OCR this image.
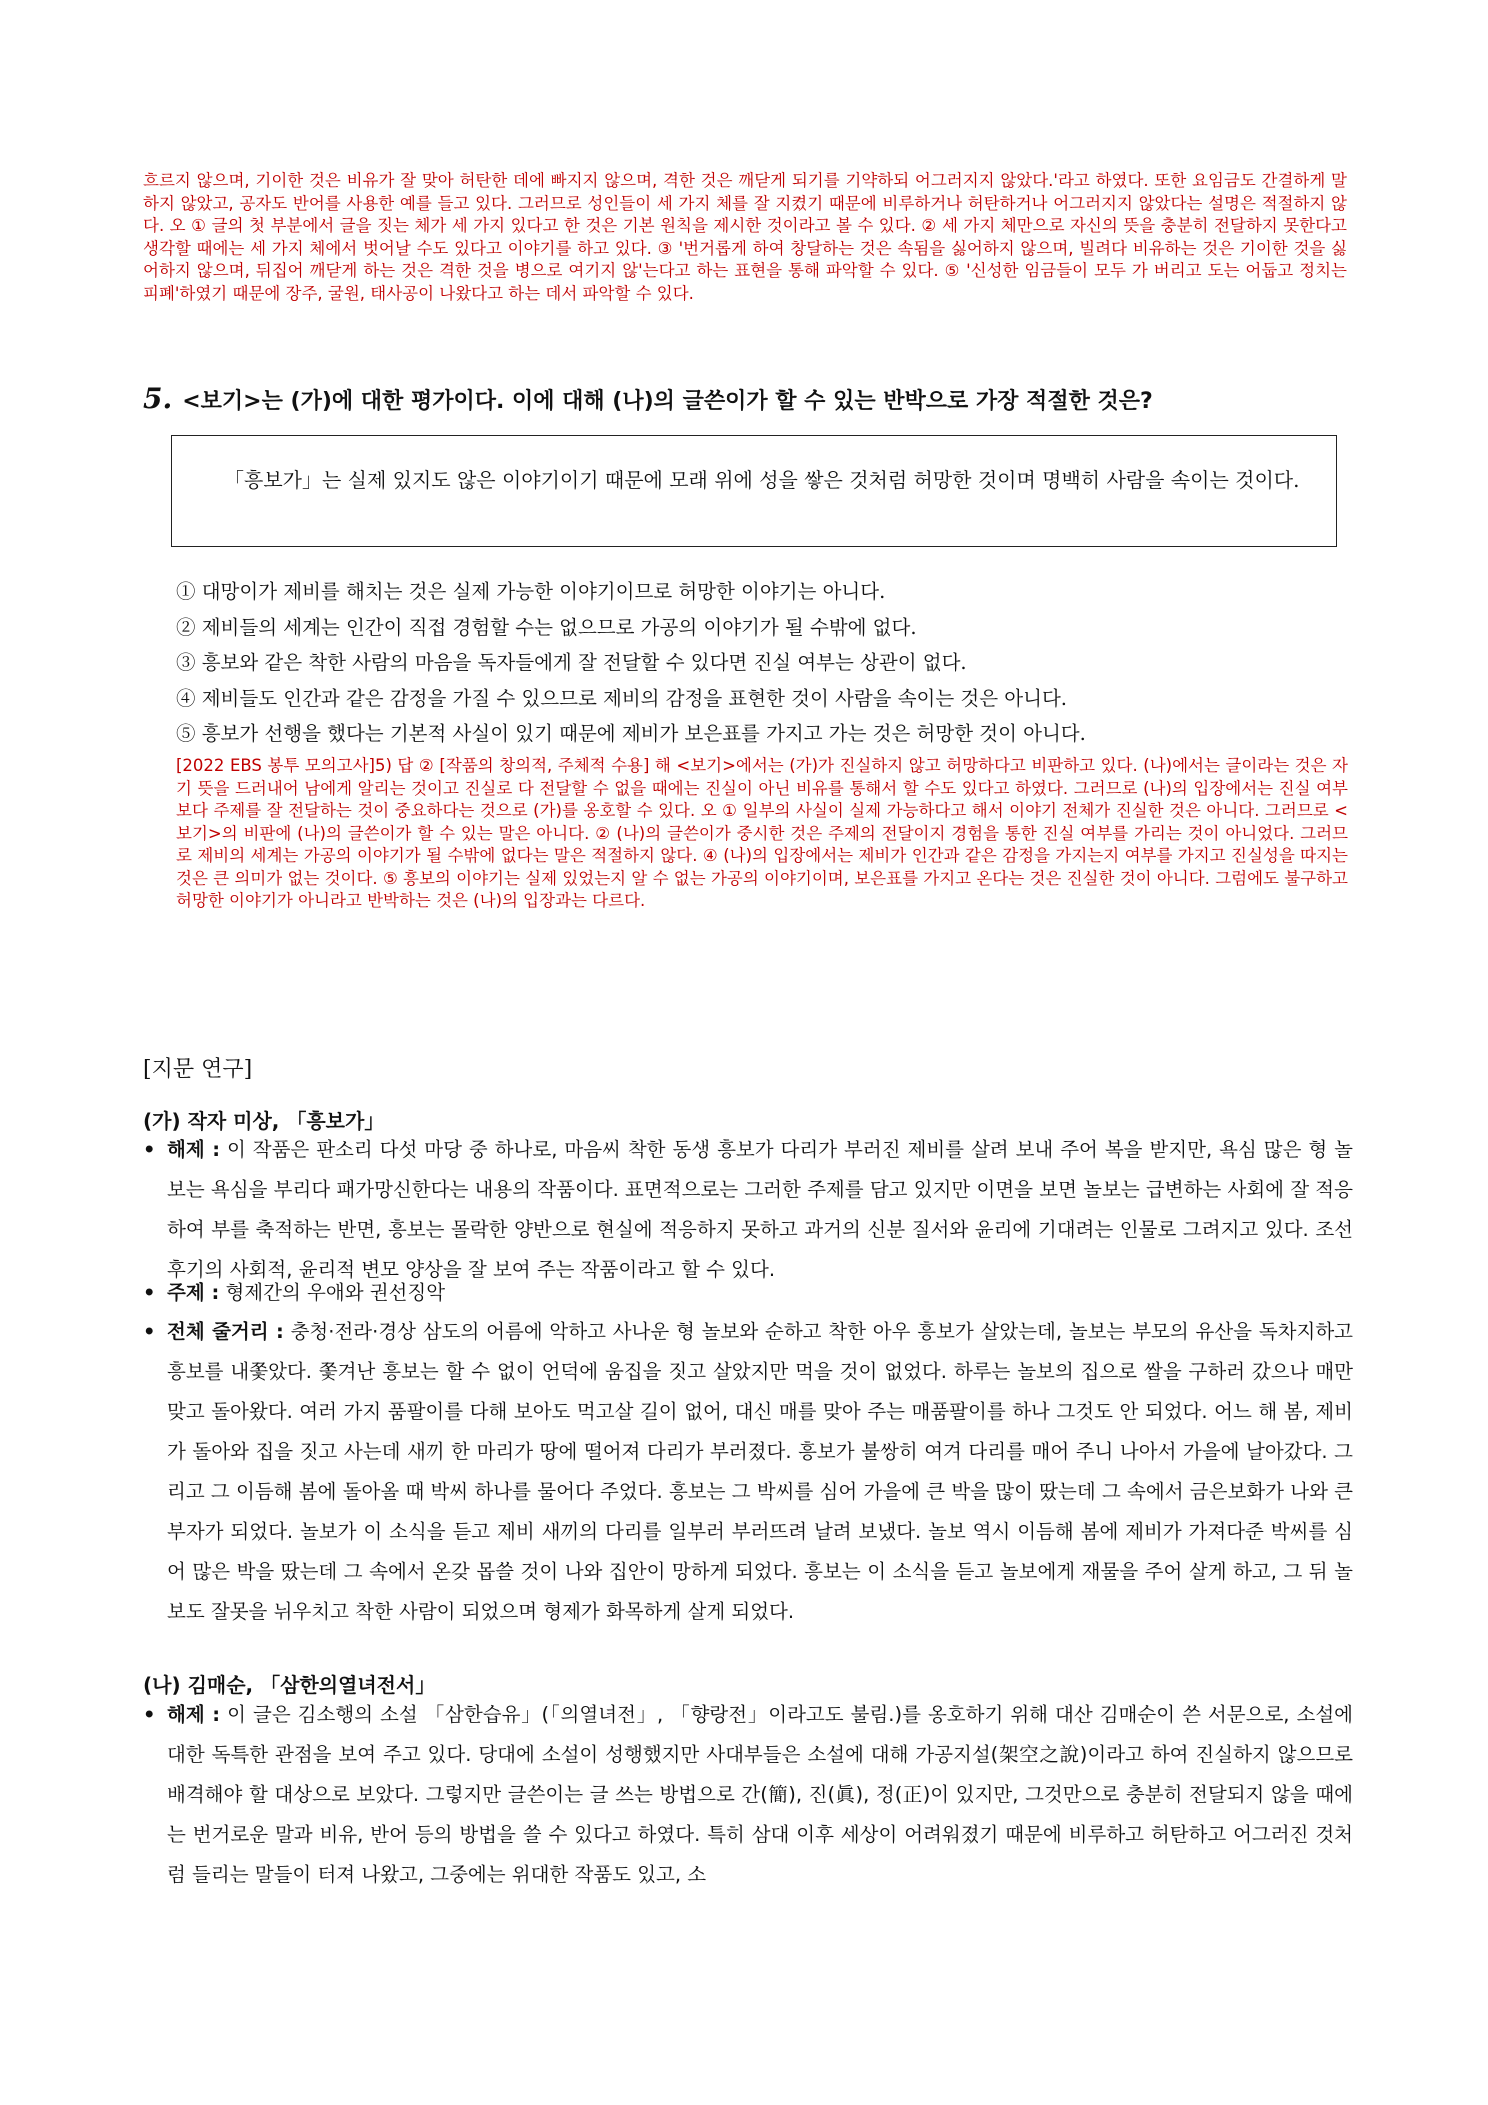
흐르지 않으며, 기이한 것은 비유가 잘 맞아 허탄한 데에 빠지지 않으며, 격한 것은 깨닫게 되기를 기약하되 어그러지지 않았다.'라고 하였다. 또한 요임금도 간결하게 말하지 않았고, 공자도 반어를 사용한 예를 들고 있다. 그러므로 성인들이 세 가지 체를 잘 지켰기 때문에 비루하거나 허탄하거나 어그러지지 않았다는 설명은 적절하지 않다. 오 ① 글의 첫 부분에서 글을 짓는 체가 세 가지 있다고 한 것은 기본 원칙을 제시한 것이라고 볼 수 있다. ② 세 가지 체만으로 자신의 뜻을 충분히 전달하지 못한다고 생각할 때에는 세 가지 체에서 벗어날 수도 있다고 이야기를 하고 있다. ③ '번거롭게 하여 창달하는 것은 속됨을 싫어하지 않으며, 빌려다 비유하는 것은 기이한 것을 싫어하지 않으며, 뒤집어 깨닫게 하는 것은 격한 것을 병으로 여기지 않'는다고 하는 표현을 통해 파악할 수 있다. ⑤ '신성한 임금들이 모두 가 버리고 도는 어둡고 정치는 피폐'하였기 때문에 장주, 굴원, 태사공이 나왔다고 하는 데서 파악할 수 있다.
5. <보기>는 (가)에 대한 평가이다. 이에 대해 (나)의 글쓴이가 할 수 있는 반박으로 가장 적절한 것은?
「흥보가」는 실제 있지도 않은 이야기이기 때문에 모래 위에 성을 쌓은 것처럼 허망한 것이며 명백히 사람을 속이는 것이다.
① 대망이가 제비를 해치는 것은 실제 가능한 이야기이므로 허망한 이야기는 아니다.
② 제비들의 세계는 인간이 직접 경험할 수는 없으므로 가공의 이야기가 될 수밖에 없다.
③ 흥보와 같은 착한 사람의 마음을 독자들에게 잘 전달할 수 있다면 진실 여부는 상관이 없다.
④ 제비들도 인간과 같은 감정을 가질 수 있으므로 제비의 감정을 표현한 것이 사람을 속이는 것은 아니다.
⑤ 흥보가 선행을 했다는 기본적 사실이 있기 때문에 제비가 보은표를 가지고 가는 것은 허망한 것이 아니다.
[2022 EBS 봉투 모의고사]5) 답 ② [작품의 창의적, 주체적 수용] 해 <보기>에서는 (가)가 진실하지 않고 허망하다고 비판하고 있다. (나)에서는 글이라는 것은 자기 뜻을 드러내어 남에게 알리는 것이고 진실로 다 전달할 수 없을 때에는 진실이 아닌 비유를 통해서 할 수도 있다고 하였다. 그러므로 (나)의 입장에서는 진실 여부보다 주제를 잘 전달하는 것이 중요하다는 것으로 (가)를 옹호할 수 있다. 오 ① 일부의 사실이 실제 가능하다고 해서 이야기 전체가 진실한 것은 아니다. 그러므로 <보기>의 비판에 (나)의 글쓴이가 할 수 있는 말은 아니다. ② (나)의 글쓴이가 중시한 것은 주제의 전달이지 경험을 통한 진실 여부를 가리는 것이 아니었다. 그러므로 제비의 세계는 가공의 이야기가 될 수밖에 없다는 말은 적절하지 않다. ④ (나)의 입장에서는 제비가 인간과 같은 감정을 가지는지 여부를 가지고 진실성을 따지는 것은 큰 의미가 없는 것이다. ⑤ 흥보의 이야기는 실제 있었는지 알 수 없는 가공의 이야기이며, 보은표를 가지고 온다는 것은 진실한 것이 아니다. 그럼에도 불구하고 허망한 이야기가 아니라고 반박하는 것은 (나)의 입장과는 다르다.
[지문 연구]
(가) 작자 미상, 「흥보가」
• 해제 : 이 작품은 판소리 다섯 마당 중 하나로, 마음씨 착한 동생 흥보가 다리가 부러진 제비를 살려 보내 주어 복을 받지만, 욕심 많은 형 놀보는 욕심을 부리다 패가망신한다는 내용의 작품이다. 표면적으로는 그러한 주제를 담고 있지만 이면을 보면 놀보는 급변하는 사회에 잘 적응하여 부를 축적하는 반면, 흥보는 몰락한 양반으로 현실에 적응하지 못하고 과거의 신분 질서와 윤리에 기대려는 인물로 그려지고 있다. 조선 후기의 사회적, 윤리적 변모 양상을 잘 보여 주는 작품이라고 할 수 있다.
• 주제 : 형제간의 우애와 권선징악
• 전체 줄거리 : 충청·전라·경상 삼도의 어름에 악하고 사나운 형 놀보와 순하고 착한 아우 흥보가 살았는데, 놀보는 부모의 유산을 독차지하고 흥보를 내쫓았다. 쫓겨난 흥보는 할 수 없이 언덕에 움집을 짓고 살았지만 먹을 것이 없었다. 하루는 놀보의 집으로 쌀을 구하러 갔으나 매만 맞고 돌아왔다. 여러 가지 품팔이를 다해 보아도 먹고살 길이 없어, 대신 매를 맞아 주는 매품팔이를 하나 그것도 안 되었다. 어느 해 봄, 제비가 돌아와 집을 짓고 사는데 새끼 한 마리가 땅에 떨어져 다리가 부러졌다. 흥보가 불쌍히 여겨 다리를 매어 주니 나아서 가을에 날아갔다. 그리고 그 이듬해 봄에 돌아올 때 박씨 하나를 물어다 주었다. 흥보는 그 박씨를 심어 가을에 큰 박을 많이 땄는데 그 속에서 금은보화가 나와 큰 부자가 되었다. 놀보가 이 소식을 듣고 제비 새끼의 다리를 일부러 부러뜨려 날려 보냈다. 놀보 역시 이듬해 봄에 제비가 가져다준 박씨를 심어 많은 박을 땄는데 그 속에서 온갖 몹쓸 것이 나와 집안이 망하게 되었다. 흥보는 이 소식을 듣고 놀보에게 재물을 주어 살게 하고, 그 뒤 놀보도 잘못을 뉘우치고 착한 사람이 되었으며 형제가 화목하게 살게 되었다.
(나) 김매순, 「삼한의열녀전서」
• 해제 : 이 글은 김소행의 소설 「삼한습유」(「의열녀전」, 「향랑전」이라고도 불림.)를 옹호하기 위해 대산 김매순이 쓴 서문으로, 소설에 대한 독특한 관점을 보여 주고 있다. 당대에 소설이 성행했지만 사대부들은 소설에 대해 가공지설(架空之說)이라고 하여 진실하지 않으므로 배격해야 할 대상으로 보았다. 그렇지만 글쓴이는 글 쓰는 방법으로 간(簡), 진(眞), 정(正)이 있지만, 그것만으로 충분히 전달되지 않을 때에는 번거로운 말과 비유, 반어 등의 방법을 쓸 수 있다고 하였다. 특히 삼대 이후 세상이 어려워졌기 때문에 비루하고 허탄하고 어그러진 것처럼 들리는 말들이 터져 나왔고, 그중에는 위대한 작품도 있고, 소
